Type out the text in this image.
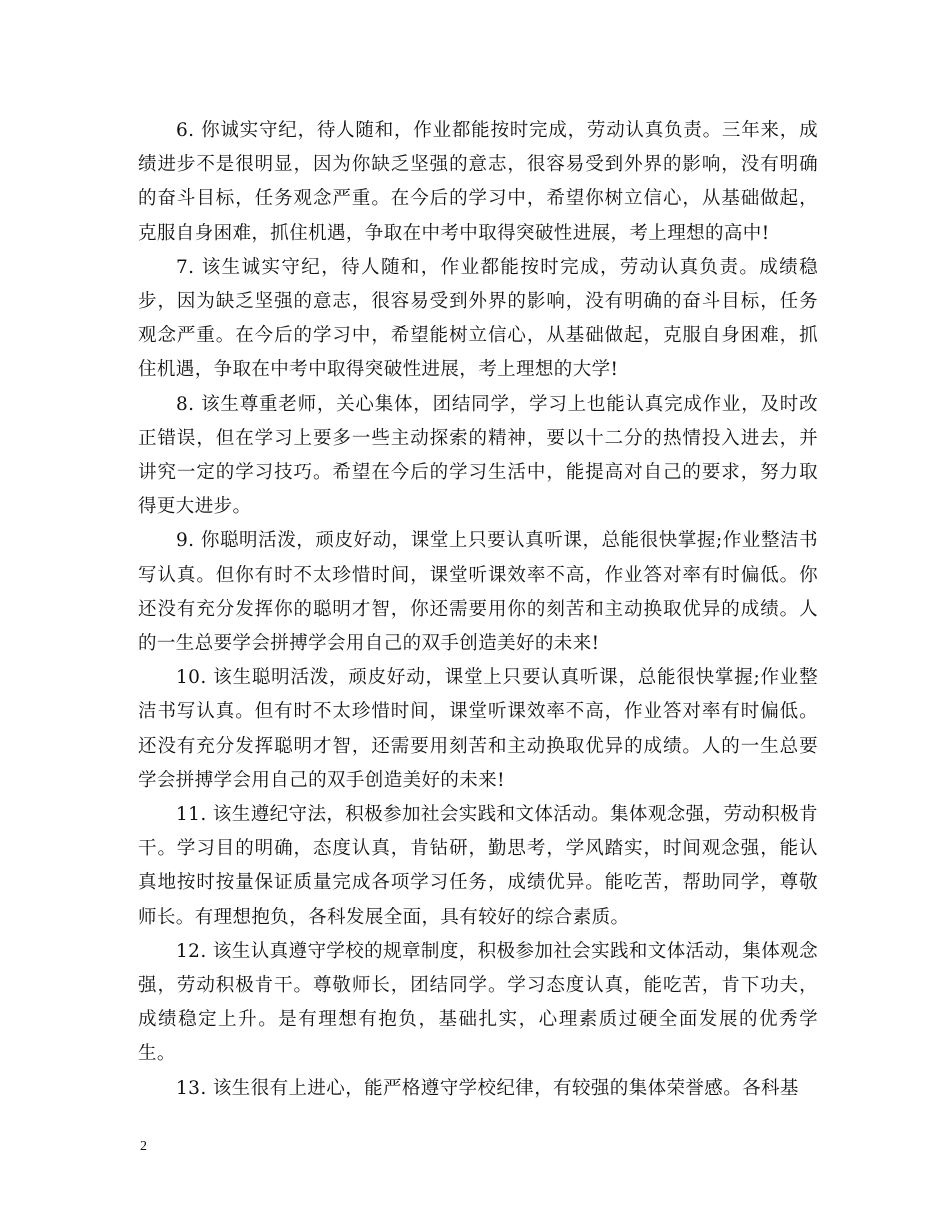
6. 你诚实守纪，待人随和，作业都能按时完成，劳动认真负责。三年来，成绩进步不是很明显，因为你缺乏坚强的意志，很容易受到外界的影响，没有明确的奋斗目标，任务观念严重。在今后的学习中，希望你树立信心，从基础做起，克服自身困难，抓住机遇，争取在中考中取得突破性进展，考上理想的高中!

7. 该生诚实守纪，待人随和，作业都能按时完成，劳动认真负责。成绩稳步，因为缺乏坚强的意志，很容易受到外界的影响，没有明确的奋斗目标，任务观念严重。在今后的学习中，希望能树立信心，从基础做起，克服自身困难，抓住机遇，争取在中考中取得突破性进展，考上理想的大学!

8. 该生尊重老师，关心集体，团结同学，学习上也能认真完成作业，及时改正错误，但在学习上要多一些主动探索的精神，要以十二分的热情投入进去，并讲究一定的学习技巧。希望在今后的学习生活中，能提高对自己的要求，努力取得更大进步。

9. 你聪明活泼，顽皮好动，课堂上只要认真听课，总能很快掌握;作业整洁书写认真。但你有时不太珍惜时间，课堂听课效率不高，作业答对率有时偏低。你还没有充分发挥你的聪明才智，你还需要用你的刻苦和主动换取优异的成绩。人的一生总要学会拼搏学会用自己的双手创造美好的未来!

10. 该生聪明活泼，顽皮好动，课堂上只要认真听课，总能很快掌握;作业整洁书写认真。但有时不太珍惜时间，课堂听课效率不高，作业答对率有时偏低。还没有充分发挥聪明才智，还需要用刻苦和主动换取优异的成绩。人的一生总要学会拼搏学会用自己的双手创造美好的未来!

11. 该生遵纪守法，积极参加社会实践和文体活动。集体观念强，劳动积极肯干。学习目的明确，态度认真，肯钻研，勤思考，学风踏实，时间观念强，能认真地按时按量保证质量完成各项学习任务，成绩优异。能吃苦，帮助同学，尊敬师长。有理想抱负，各科发展全面，具有较好的综合素质。

12. 该生认真遵守学校的规章制度，积极参加社会实践和文体活动，集体观念强，劳动积极肯干。尊敬师长，团结同学。学习态度认真，能吃苦，肯下功夫，成绩稳定上升。是有理想有抱负，基础扎实，心理素质过硬全面发展的优秀学生。

13. 该生很有上进心，能严格遵守学校纪律，有较强的集体荣誉感。各科基

2
